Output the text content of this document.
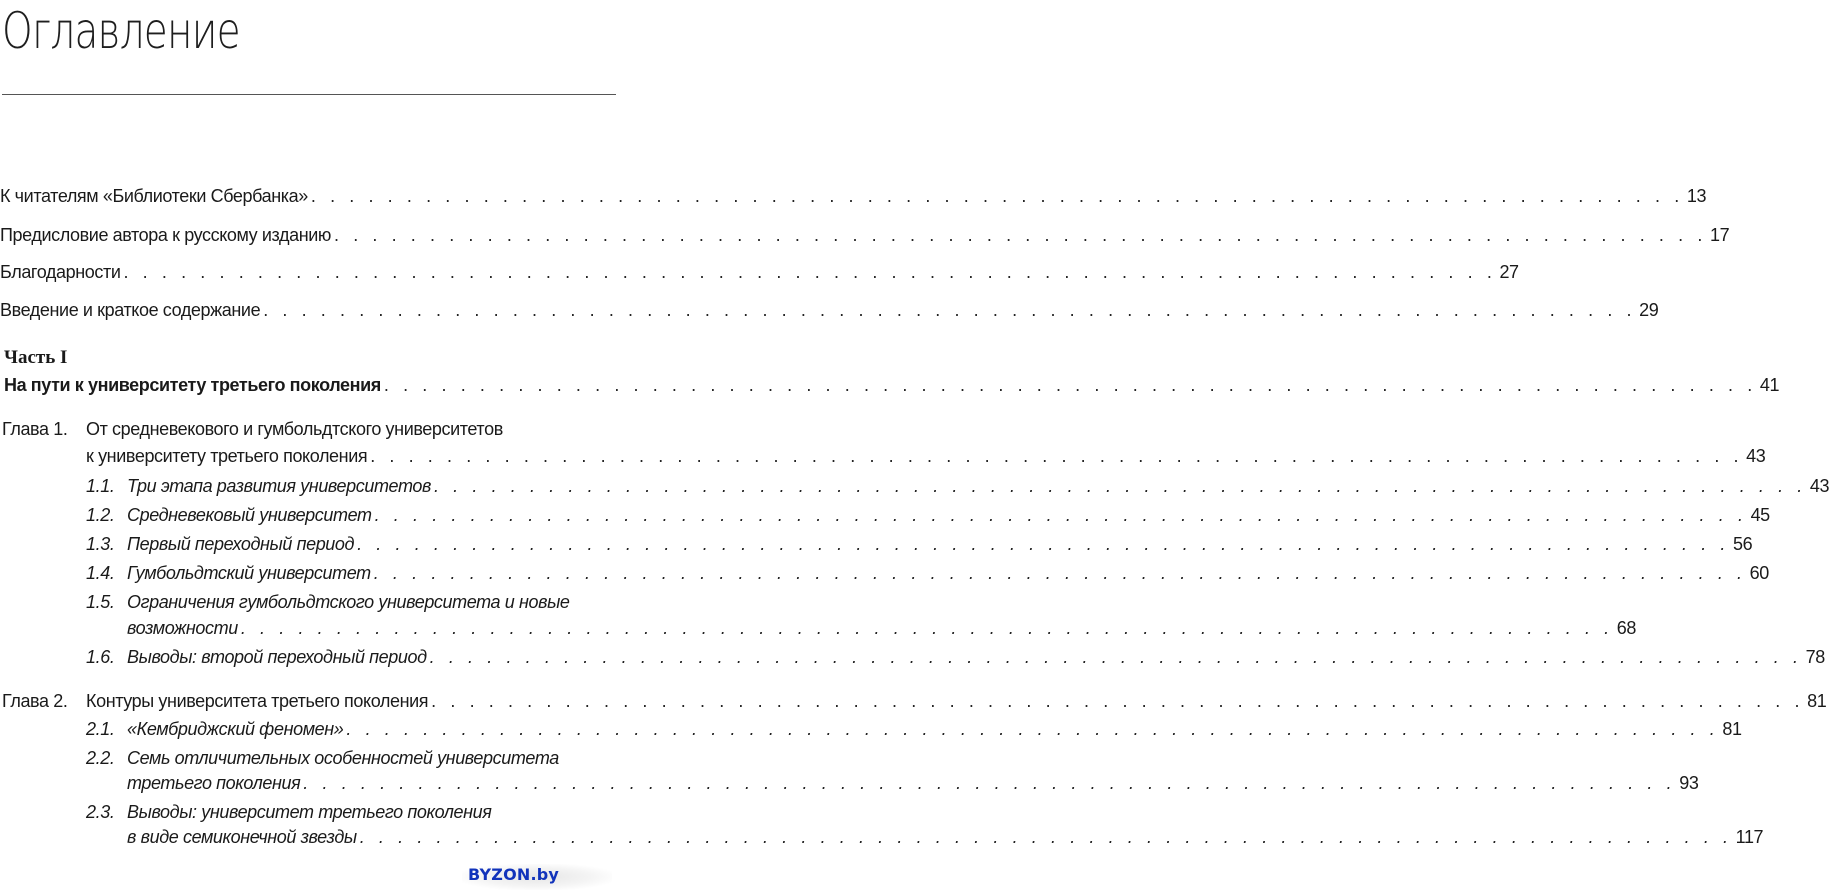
Оглавление
К читателям «Библиотеки Сбербанка» . . . . . . . . . . . . . . . . . . . . . . . . . . . . . . . . . . . . . . . . . . . . . . . . . . . . . . . . . . . . . . . . . . . . . . . . 13
Предисловие автора к русскому изданию . . . . . . . . . . . . . . . . . . . . . . . . . . . . . . . . . . . . . . . . . . . . . . . . . . . . . . . . . . . . . . . . . . . . . . . . 17
Благодарности . . . . . . . . . . . . . . . . . . . . . . . . . . . . . . . . . . . . . . . . . . . . . . . . . . . . . . . . . . . . . . . . . . . . . . . . 27
Введение и краткое содержание . . . . . . . . . . . . . . . . . . . . . . . . . . . . . . . . . . . . . . . . . . . . . . . . . . . . . . . . . . . . . . . . . . . . . . . . 29
Часть I
На пути к университету третьего поколения . . . . . . . . . . . . . . . . . . . . . . . . . . . . . . . . . . . . . . . . . . . . . . . . . . . . . . . . . . . . . . . . . . . . . . . . 41
Глава 1. От средневекового и гумбольдтского университетов
к университету третьего поколения . . . . . . . . . . . . . . . . . . . . . . . . . . . . . . . . . . . . . . . . . . . . . . . . . . . . . . . . . . . . . . . . . . . . . . . . 43
1.1. Три этапа развития университетов . . . . . . . . . . . . . . . . . . . . . . . . . . . . . . . . . . . . . . . . . . . . . . . . . . . . . . . . . . . . . . . . . . . . . . . . 43
1.2. Средневековый университет . . . . . . . . . . . . . . . . . . . . . . . . . . . . . . . . . . . . . . . . . . . . . . . . . . . . . . . . . . . . . . . . . . . . . . . . 45
1.3. Первый переходный период . . . . . . . . . . . . . . . . . . . . . . . . . . . . . . . . . . . . . . . . . . . . . . . . . . . . . . . . . . . . . . . . . . . . . . . . 56
1.4. Гумбольдтский университет . . . . . . . . . . . . . . . . . . . . . . . . . . . . . . . . . . . . . . . . . . . . . . . . . . . . . . . . . . . . . . . . . . . . . . . . 60
1.5. Ограничения гумбольдтского университета и новые
возможности . . . . . . . . . . . . . . . . . . . . . . . . . . . . . . . . . . . . . . . . . . . . . . . . . . . . . . . . . . . . . . . . . . . . . . . . 68
1.6. Выводы: второй переходный период . . . . . . . . . . . . . . . . . . . . . . . . . . . . . . . . . . . . . . . . . . . . . . . . . . . . . . . . . . . . . . . . . . . . . . . . 78
Глава 2. Контуры университета третьего поколения . . . . . . . . . . . . . . . . . . . . . . . . . . . . . . . . . . . . . . . . . . . . . . . . . . . . . . . . . . . . . . . . . . . . . . . . 81
2.1. «Кембриджский феномен» . . . . . . . . . . . . . . . . . . . . . . . . . . . . . . . . . . . . . . . . . . . . . . . . . . . . . . . . . . . . . . . . . . . . . . . . 81
2.2. Семь отличительных особенностей университета
третьего поколения . . . . . . . . . . . . . . . . . . . . . . . . . . . . . . . . . . . . . . . . . . . . . . . . . . . . . . . . . . . . . . . . . . . . . . . . 93
2.3. Выводы: университет третьего поколения
в виде семиконечной звезды . . . . . . . . . . . . . . . . . . . . . . . . . . . . . . . . . . . . . . . . . . . . . . . . . . . . . . . . . . . . . . . . . . . . . . . . 117
BYZON.by
